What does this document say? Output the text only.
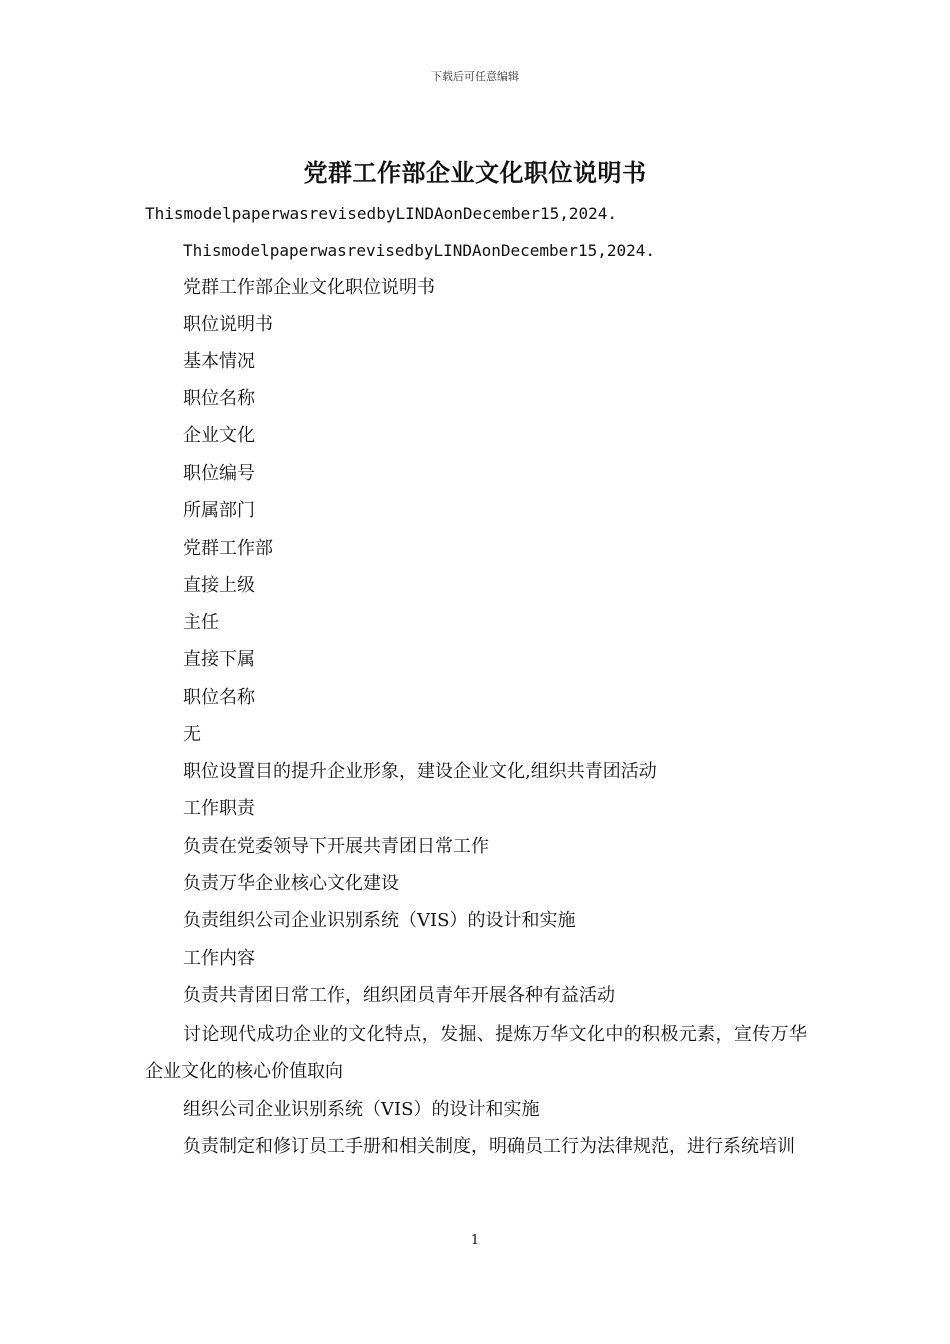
下载后可任意编辑
党群工作部企业文化职位说明书
ThismodelpaperwasrevisedbyLINDAonDecember15,2024.
ThismodelpaperwasrevisedbyLINDAonDecember15,2024.
党群工作部企业文化职位说明书
职位说明书
基本情况
职位名称
企业文化
职位编号
所属部门
党群工作部
直接上级
主任
直接下属
职位名称
无
职位设置目的提升企业形象，建设企业文化,组织共青团活动
工作职责
负责在党委领导下开展共青团日常工作
负责万华企业核心文化建设
负责组织公司企业识别系统（VIS）的设计和实施
工作内容
负责共青团日常工作，组织团员青年开展各种有益活动
讨论现代成功企业的文化特点，发掘、提炼万华文化中的积极元素，宣传万华企业文化的核心价值取向
组织公司企业识别系统（VIS）的设计和实施
负责制定和修订员工手册和相关制度，明确员工行为法律规范，进行系统培训
1
